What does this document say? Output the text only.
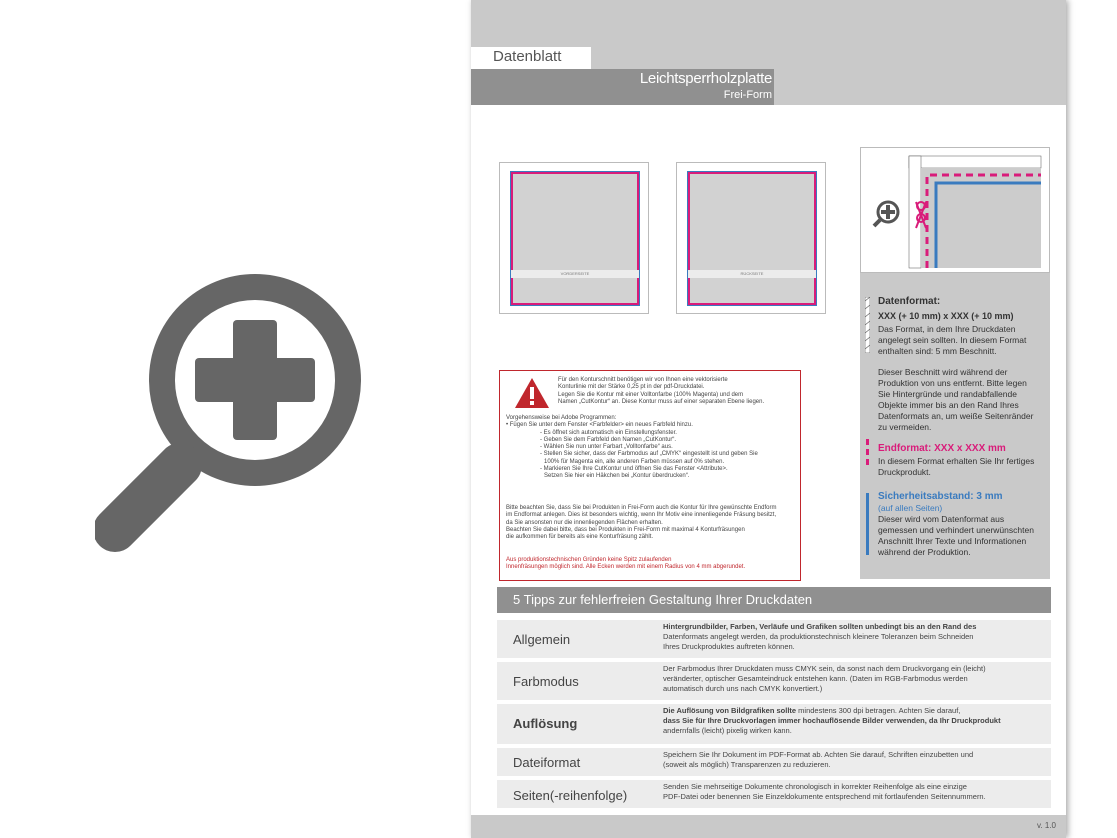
Datenblatt
Leichtsperrholzplatte
Frei-Form
VORDERSEITE	RÜCKSEITE
Für den Konturschnitt benötigen wir von Ihnen eine vektorisierte
Konturlinie mit der Stärke 0,25 pt in der pdf-Druckdatei.
Legen Sie die Kontur mit einer Volltonfarbe (100% Magenta) und dem
Namen „CutKontur“ an. Diese Kontur muss auf einer separaten Ebene liegen.
Vorgehensweise bei Adobe Programmen:
• Fügen Sie unter dem Fenster <Farbfelder> ein neues Farbfeld hinzu.
- Es öffnet sich automatisch ein Einstellungsfenster.
- Geben Sie dem Farbfeld den Namen „CutKontur“.
- Wählen Sie nun unter Farbart „Volltonfarbe“ aus.
- Stellen Sie sicher, dass der Farbmodus auf „CMYK“ eingestellt ist und geben Sie
100% für Magenta ein, alle anderen Farben müssen auf 0% stehen.
- Markieren Sie Ihre CutKontur und öffnen Sie das Fenster <Attribute>.
Setzen Sie hier ein Häkchen bei „Kontur überdrucken“.
Bitte beachten Sie, dass Sie bei Produkten in Frei-Form auch die Kontur für Ihre gewünschte Endform
im Endformat anlegen. Dies ist besonders wichtig, wenn Ihr Motiv eine innenliegende Fräsung besitzt,
da Sie ansonsten nur die innenliegenden Flächen erhalten.
Beachten Sie dabei bitte, dass bei Produkten in Frei-Form mit maximal 4 Konturfräsungen
die aufkommen für bereits als eine Konturfräsung zählt.
Aus produktionstechnischen Gründen keine Spitz zulaufenden
Innenfräsungen möglich sind. Alle Ecken werden mit einem Radius von 4 mm abgerundet.
Datenformat:
XXX (+ 10 mm) x XXX (+ 10 mm)
Das Format, in dem Ihre Druckdaten
angelegt sein sollten. In diesem Format
enthalten sind: 5 mm Beschnitt.
Dieser Beschnitt wird während der
Produktion von uns entfernt. Bitte legen
Sie Hintergründe und randabfallende
Objekte immer bis an den Rand Ihres
Datenformats an, um weiße Seitenränder
zu vermeiden.
Endformat: XXX x XXX mm
In diesem Format erhalten Sie Ihr fertiges
Druckprodukt.
Sicherheitsabstand: 3 mm
(auf allen Seiten)
Dieser wird vom Datenformat aus
gemessen und verhindert unerwünschten
Anschnitt Ihrer Texte und Informationen
während der Produktion.
5 Tipps zur fehlerfreien Gestaltung Ihrer Druckdaten
Allgemein
Hintergrundbilder, Farben, Verläufe und Grafiken sollten unbedingt bis an den Rand des
Datenformats angelegt werden, da produktionstechnisch kleinere Toleranzen beim Schneiden
Ihres Druckproduktes auftreten können.
Farbmodus
Der Farbmodus Ihrer Druckdaten muss CMYK sein, da sonst nach dem Druckvorgang ein (leicht)
veränderter, optischer Gesamteindruck entstehen kann. (Daten im RGB-Farbmodus werden
automatisch durch uns nach CMYK konvertiert.)
Auflösung
Die Auflösung von Bildgrafiken sollte mindestens 300 dpi betragen. Achten Sie darauf,
dass Sie für Ihre Druckvorlagen immer hochauflösende Bilder verwenden, da Ihr Druckprodukt
andernfalls (leicht) pixelig wirken kann.
Dateiformat
Speichern Sie Ihr Dokument im PDF-Format ab. Achten Sie darauf, Schriften einzubetten und
(soweit als möglich) Transparenzen zu reduzieren.
Seiten(-reihenfolge)
Senden Sie mehrseitige Dokumente chronologisch in korrekter Reihenfolge als eine einzige
PDF-Datei oder benennen Sie Einzeldokumente entsprechend mit fortlaufenden Seitennummern.
v. 1.0
